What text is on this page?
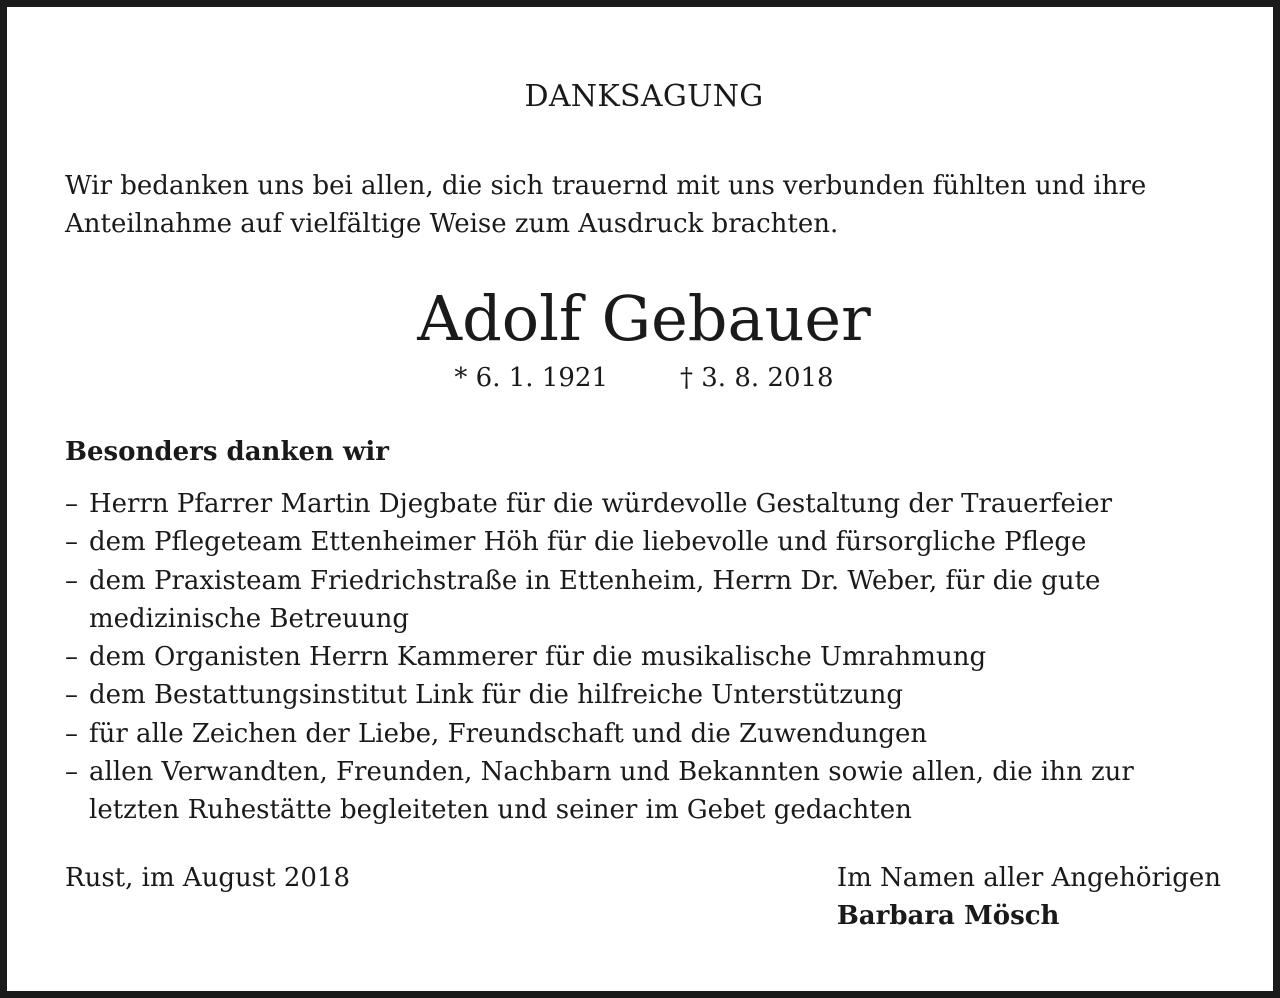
DANKSAGUNG

Wir bedanken uns bei allen, die sich trauernd mit uns verbunden fühlten und ihre Anteilnahme auf vielfältige Weise zum Ausdruck brachten.

Adolf Gebauer
* 6. 1. 1921	† 3. 8. 2018

Besonders danken wir

– Herrn Pfarrer Martin Djegbate für die würdevolle Gestaltung der Trauerfeier
– dem Pflegeteam Ettenheimer Höh für die liebevolle und fürsorgliche Pflege
– dem Praxisteam Friedrichstraße in Ettenheim, Herrn Dr. Weber, für die gute medizinische Betreuung
– dem Organisten Herrn Kammerer für die musikalische Umrahmung
– dem Bestattungsinstitut Link für die hilfreiche Unterstützung
– für alle Zeichen der Liebe, Freundschaft und die Zuwendungen
– allen Verwandten, Freunden, Nachbarn und Bekannten sowie allen, die ihn zur letzten Ruhestätte begleiteten und seiner im Gebet gedachten
Rust, im August 2018	Im Namen aller Angehörigen
Barbara Mösch
